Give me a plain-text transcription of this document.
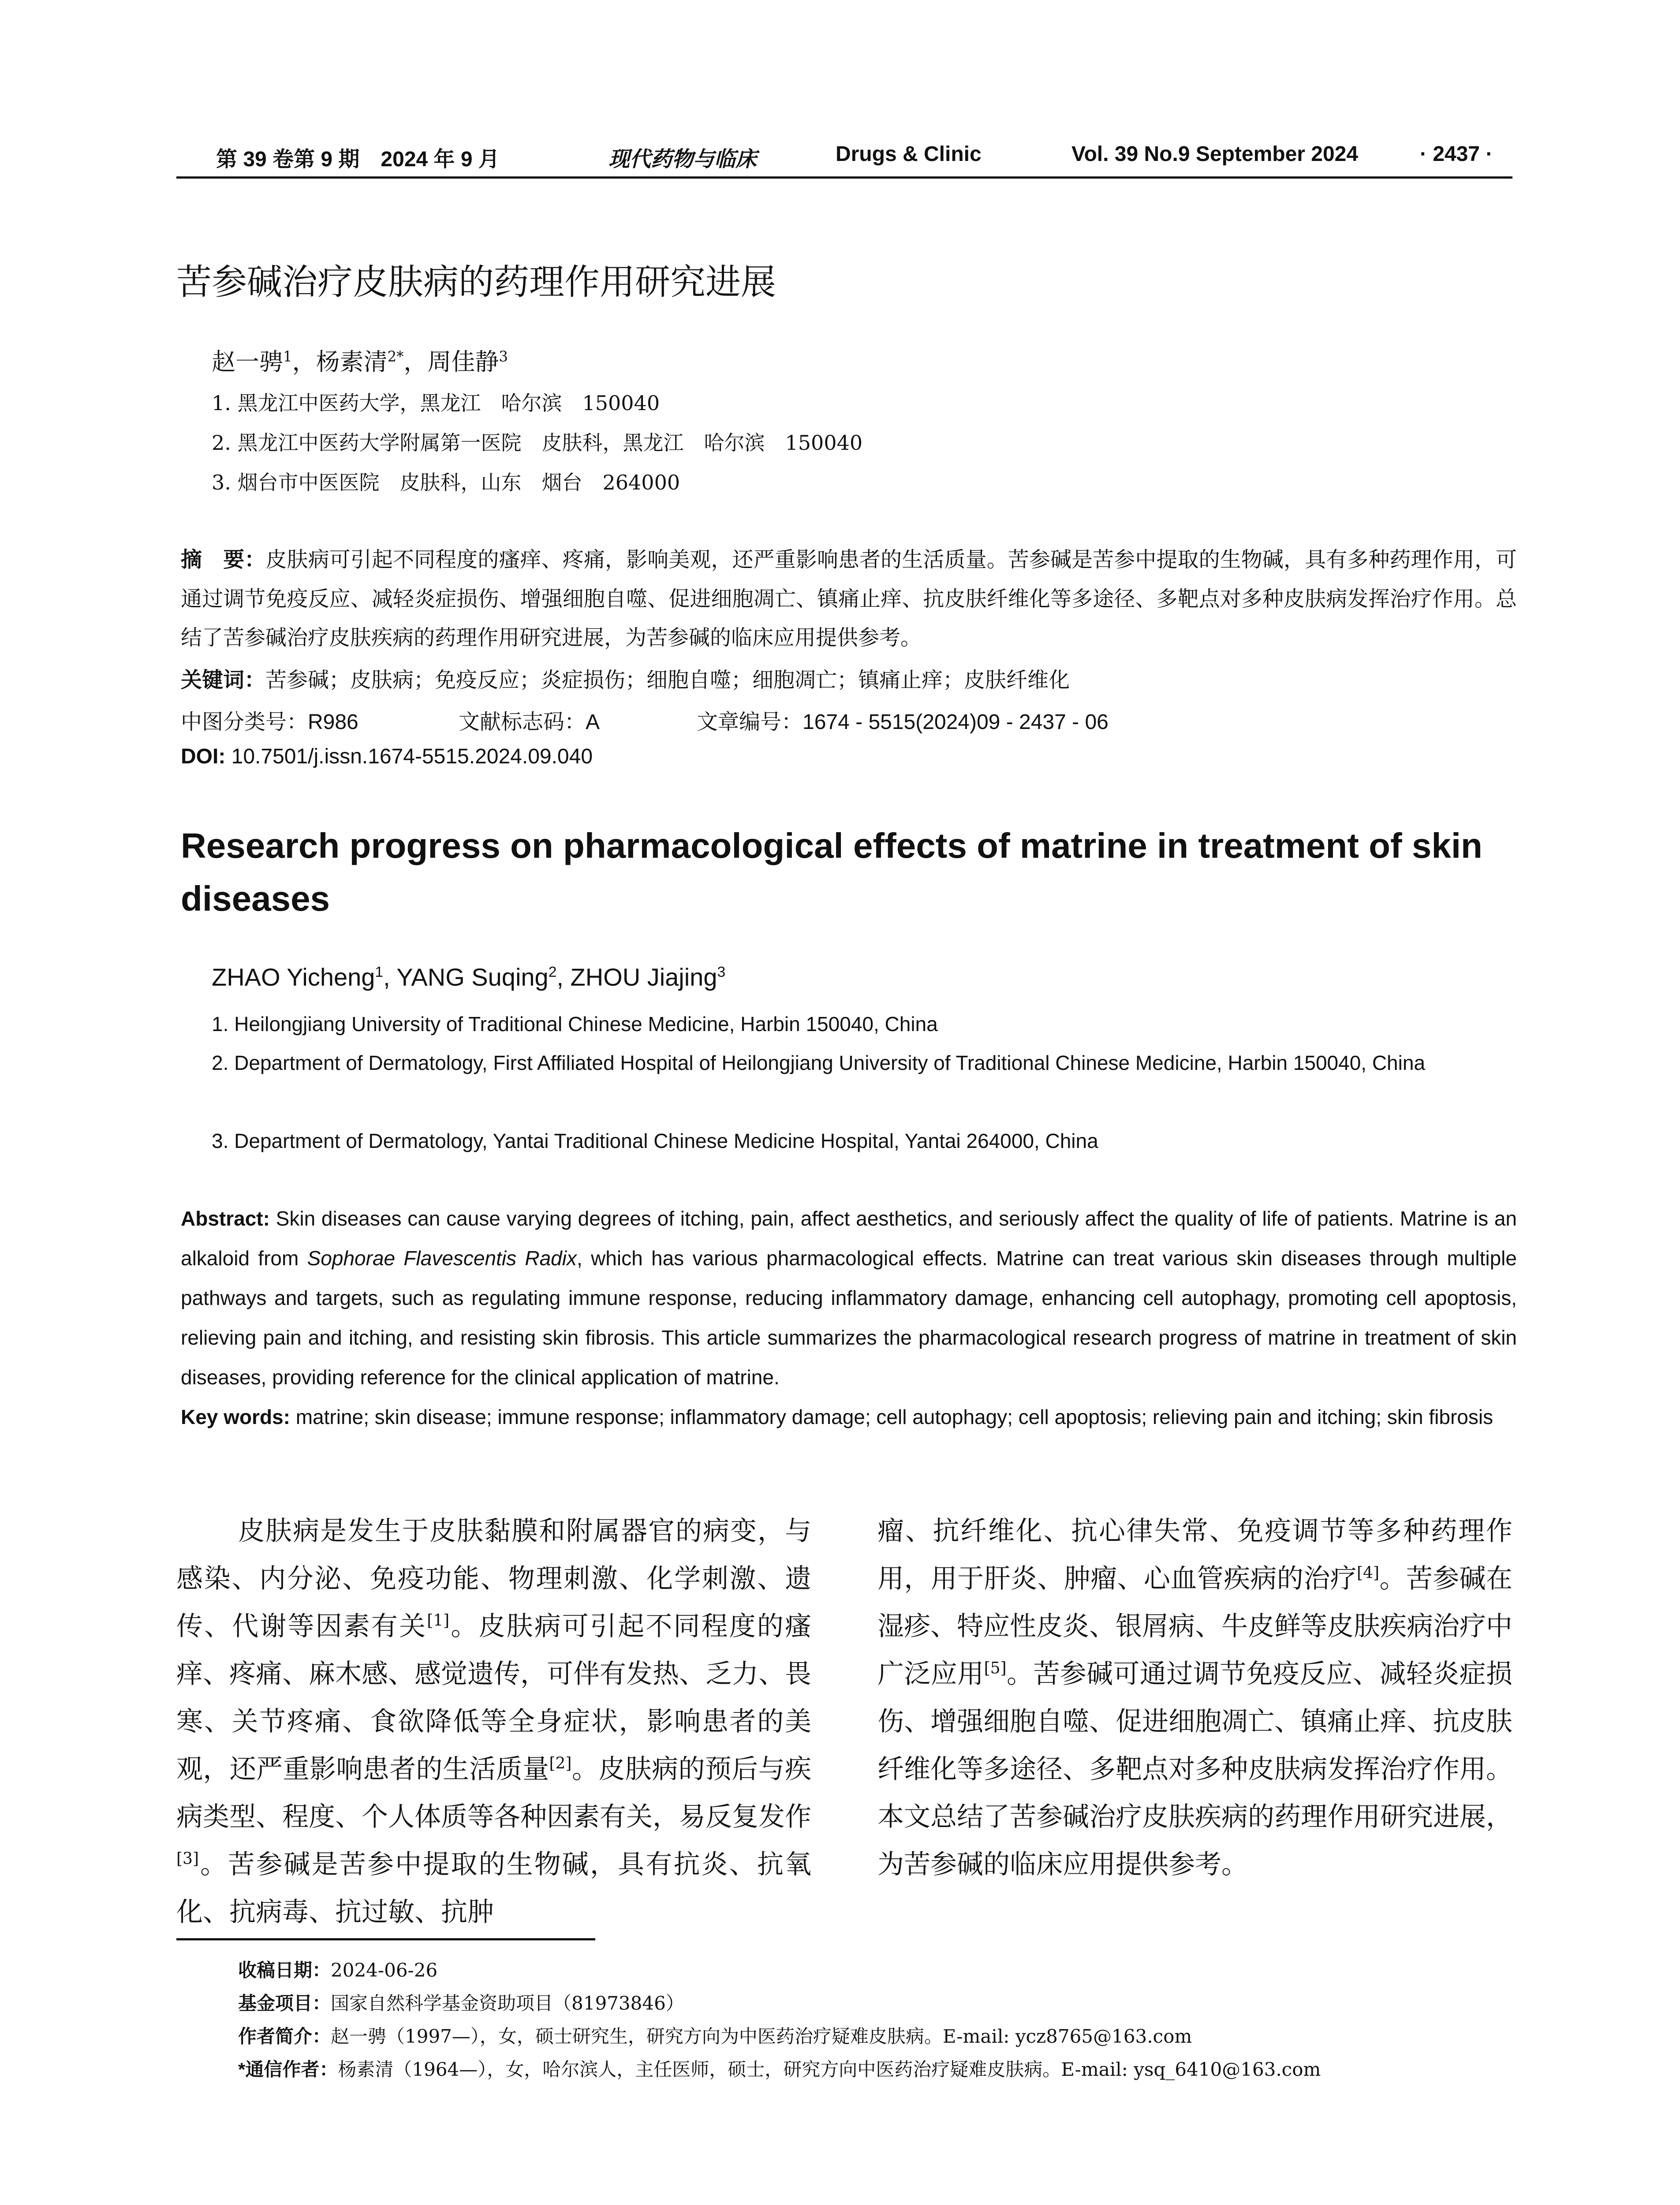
第 39 卷第 9 期　2024 年 9 月	现代药物与临床	Drugs & Clinic	Vol. 39 No.9 September 2024	· 2437 ·
苦参碱治疗皮肤病的药理作用研究进展
赵一骋$^1$，杨素清$^{2*}$，周佳静$^3$
1. 黑龙江中医药大学，黑龙江　哈尔滨　150040
2. 黑龙江中医药大学附属第一医院　皮肤科，黑龙江　哈尔滨　150040
3. 烟台市中医医院　皮肤科，山东　烟台　264000
摘　要：皮肤病可引起不同程度的瘙痒、疼痛，影响美观，还严重影响患者的生活质量。苦参碱是苦参中提取的生物碱，具有多种药理作用，可通过调节免疫反应、减轻炎症损伤、增强细胞自噬、促进细胞凋亡、镇痛止痒、抗皮肤纤维化等多途径、多靶点对多种皮肤病发挥治疗作用。总结了苦参碱治疗皮肤疾病的药理作用研究进展，为苦参碱的临床应用提供参考。
关键词：苦参碱；皮肤病；免疫反应；炎症损伤；细胞自噬；细胞凋亡；镇痛止痒；皮肤纤维化
中图分类号：R986	文献标志码：A	文章编号：1674 - 5515(2024)09 - 2437 - 06
DOI: 10.7501/j.issn.1674-5515.2024.09.040
Research progress on pharmacological effects of matrine in treatment of skin diseases
ZHAO Yicheng$^1$, YANG Suqing$^2$, ZHOU Jiajing$^3$
1. Heilongjiang University of Traditional Chinese Medicine, Harbin 150040, China
2. Department of Dermatology, First Affiliated Hospital of Heilongjiang University of Traditional Chinese Medicine, Harbin 150040, China
3. Department of Dermatology, Yantai Traditional Chinese Medicine Hospital, Yantai 264000, China
Abstract: Skin diseases can cause varying degrees of itching, pain, affect aesthetics, and seriously affect the quality of life of patients. Matrine is an alkaloid from Sophorae Flavescentis Radix, which has various pharmacological effects. Matrine can treat various skin diseases through multiple pathways and targets, such as regulating immune response, reducing inflammatory damage, enhancing cell autophagy, promoting cell apoptosis, relieving pain and itching, and resisting skin fibrosis. This article summarizes the pharmacological research progress of matrine in treatment of skin diseases, providing reference for the clinical application of matrine.
Key words: matrine; skin disease; immune response; inflammatory damage; cell autophagy; cell apoptosis; relieving pain and itching; skin fibrosis
皮肤病是发生于皮肤黏膜和附属器官的病变，与感染、内分泌、免疫功能、物理刺激、化学刺激、遗传、代谢等因素有关[1]。皮肤病可引起不同程度的瘙痒、疼痛、麻木感、感觉遗传，可伴有发热、乏力、畏寒、关节疼痛、食欲降低等全身症状，影响患者的美观，还严重影响患者的生活质量[2]。皮肤病的预后与疾病类型、程度、个人体质等各种因素有关，易反复发作[3]。苦参碱是苦参中提取的生物碱，具有抗炎、抗氧化、抗病毒、抗过敏、抗肿
瘤、抗纤维化、抗心律失常、免疫调节等多种药理作用，用于肝炎、肿瘤、心血管疾病的治疗[4]。苦参碱在湿疹、特应性皮炎、银屑病、牛皮鲜等皮肤疾病治疗中广泛应用[5]。苦参碱可通过调节免疫反应、减轻炎症损伤、增强细胞自噬、促进细胞凋亡、镇痛止痒、抗皮肤纤维化等多途径、多靶点对多种皮肤病发挥治疗作用。本文总结了苦参碱治疗皮肤疾病的药理作用研究进展，为苦参碱的临床应用提供参考。
收稿日期：2024-06-26
基金项目：国家自然科学基金资助项目（81973846）
作者简介：赵一骋（1997—），女，硕士研究生，研究方向为中医药治疗疑难皮肤病。E-mail: ycz8765@163.com
*通信作者：杨素清（1964—），女，哈尔滨人，主任医师，硕士，研究方向中医药治疗疑难皮肤病。E-mail: ysq_6410@163.com
